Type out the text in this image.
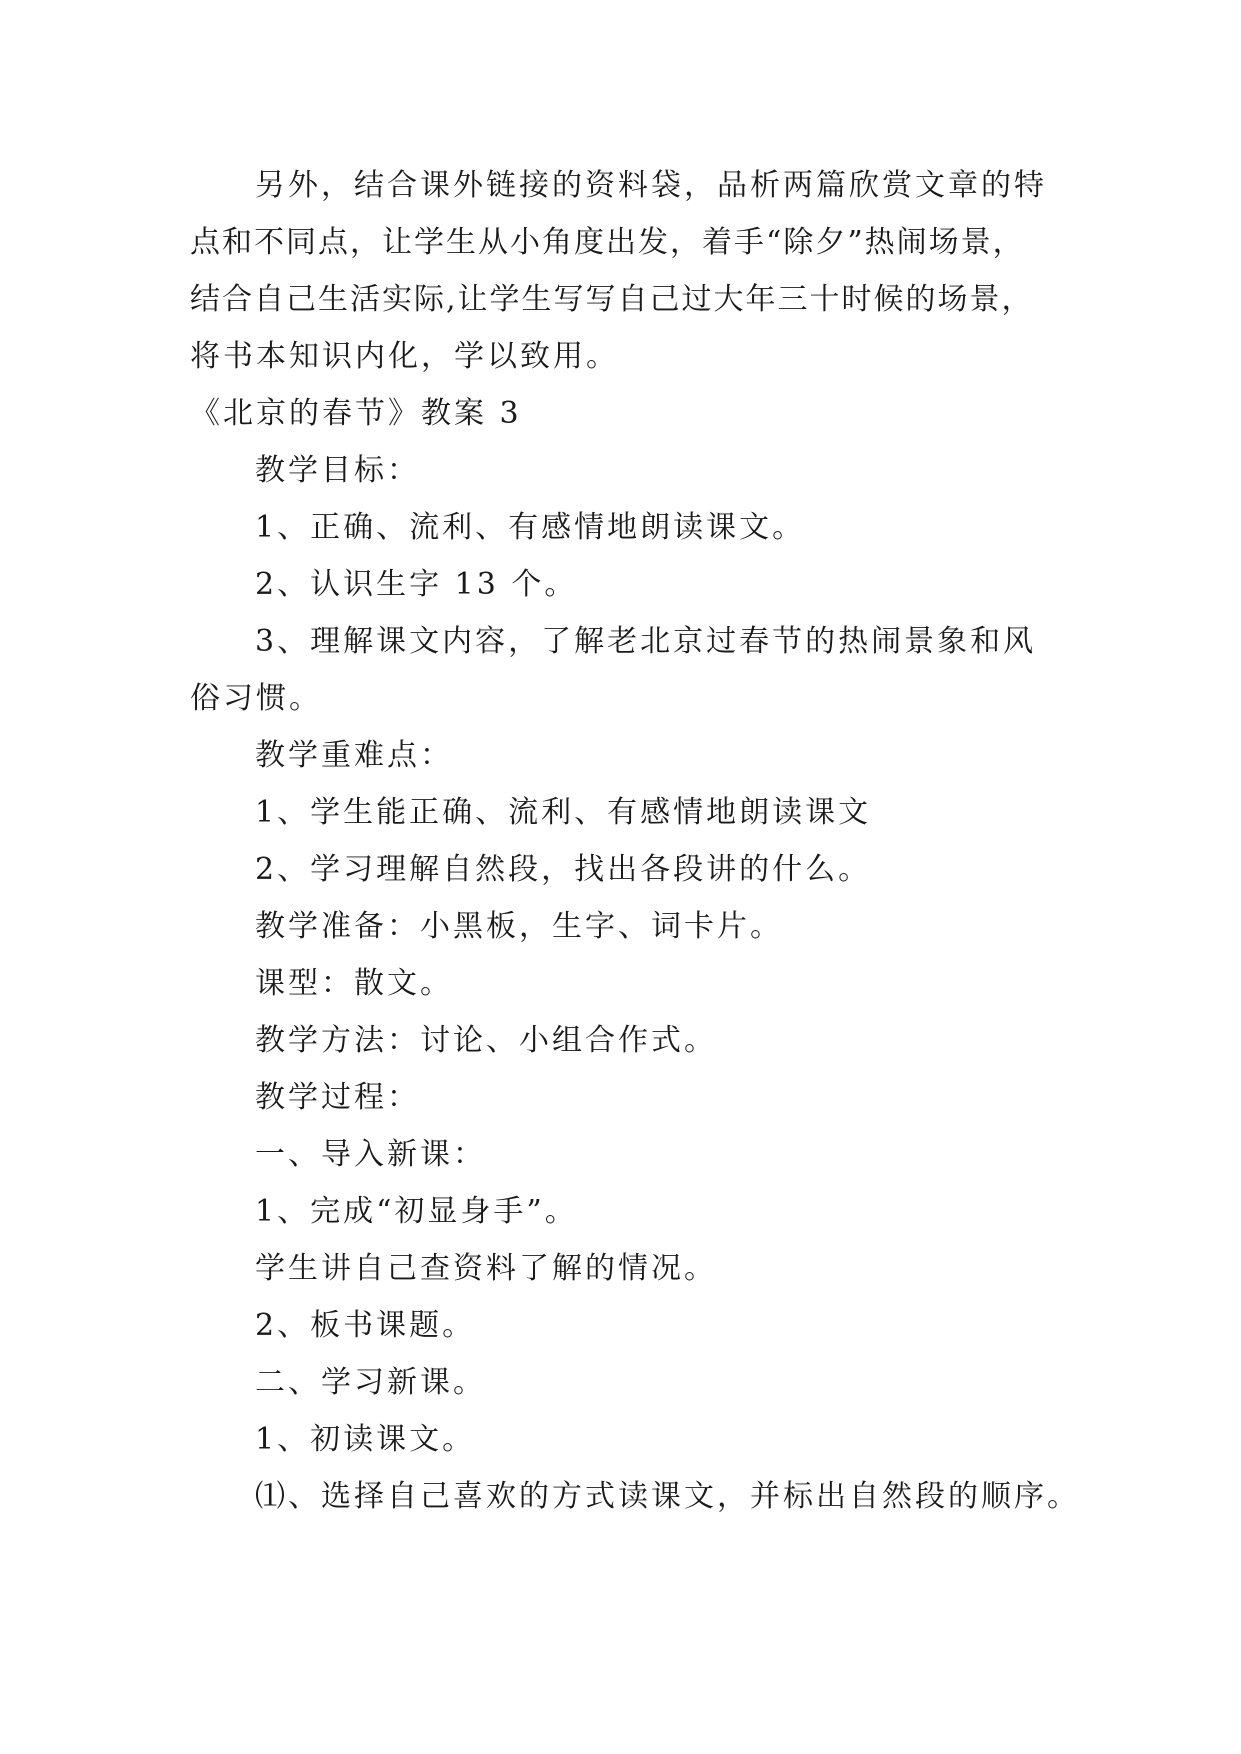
另外，结合课外链接的资料袋，品析两篇欣赏文章的特
点和不同点，让学生从小角度出发，着手“除夕”热闹场景，
结合自己生活实际,让学生写写自己过大年三十时候的场景，
将书本知识内化，学以致用。
《北京的春节》教案 3
教学目标：
1、正确、流利、有感情地朗读课文。
2、认识生字 13 个。
3、理解课文内容，了解老北京过春节的热闹景象和风
俗习惯。
教学重难点：
1、学生能正确、流利、有感情地朗读课文
2、学习理解自然段，找出各段讲的什么。
教学准备：小黑板，生字、词卡片。
课型：散文。
教学方法：讨论、小组合作式。
教学过程：
一、导入新课：
1、完成“初显身手”。
学生讲自己查资料了解的情况。
2、板书课题。
二、学习新课。
1、初读课文。
⑴、选择自己喜欢的方式读课文，并标出自然段的顺序。
